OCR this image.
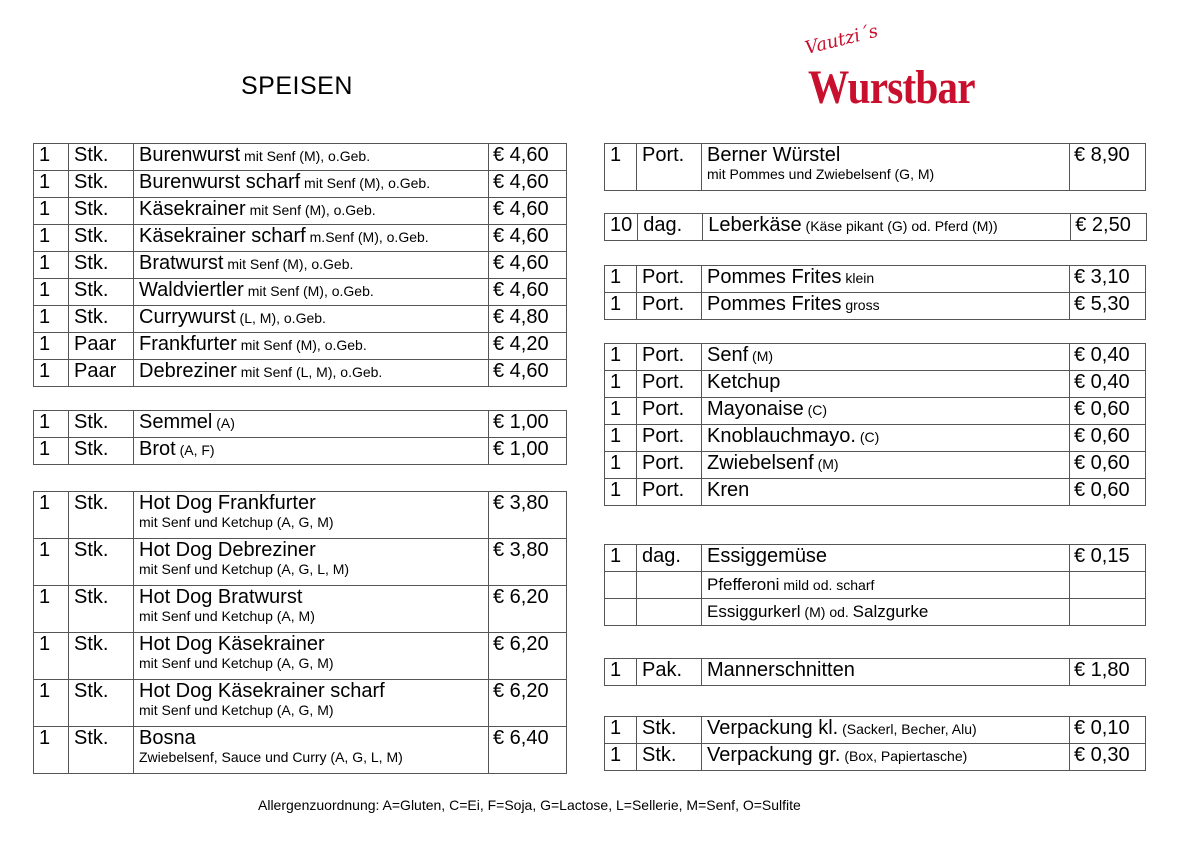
SPEISEN
Vautzi´s
Wurstbar
1	Stk.	Burenwurst mit Senf (M), o.Geb.	€ 4,60
1	Stk.	Burenwurst scharf mit Senf (M), o.Geb.	€ 4,60
1	Stk.	Käsekrainer mit Senf (M), o.Geb.	€ 4,60
1	Stk.	Käsekrainer scharf m.Senf (M), o.Geb.	€ 4,60
1	Stk.	Bratwurst mit Senf (M), o.Geb.	€ 4,60
1	Stk.	Waldviertler mit Senf (M), o.Geb.	€ 4,60
1	Stk.	Currywurst (L, M), o.Geb.	€ 4,80
1	Paar	Frankfurter mit Senf (M), o.Geb.	€ 4,20
1	Paar	Debreziner mit Senf (L, M), o.Geb.	€ 4,60
1	Stk.	Semmel (A)	€ 1,00
1	Stk.	Brot (A, F)	€ 1,00
1	Stk.	Hot Dog Frankfurter
mit Senf und Ketchup (A, G, M)	€ 3,80
1	Stk.	Hot Dog Debreziner
mit Senf und Ketchup (A, G, L, M)	€ 3,80
1	Stk.	Hot Dog Bratwurst
mit Senf und Ketchup (A, M)	€ 6,20
1	Stk.	Hot Dog Käsekrainer
mit Senf und Ketchup (A, G, M)	€ 6,20
1	Stk.	Hot Dog Käsekrainer scharf
mit Senf und Ketchup (A, G, M)	€ 6,20
1	Stk.	Bosna
Zwiebelsenf, Sauce und Curry (A, G, L, M)	€ 6,40
1	Port.	Berner Würstel
mit Pommes und Zwiebelsenf (G, M)
	€ 8,90
10	dag.	Leberkäse (Käse pikant (G) od. Pferd (M))	€ 2,50
1	Port.	Pommes Frites klein	€ 3,10
1	Port.	Pommes Frites gross	€ 5,30
1	Port.	Senf (M)	€ 0,40
1	Port.	Ketchup	€ 0,40
1	Port.	Mayonaise (C)	€ 0,60
1	Port.	Knoblauchmayo. (C)	€ 0,60
1	Port.	Zwiebelsenf (M)	€ 0,60
1	Port.	Kren	€ 0,60
1	dag.	Essiggemüse	€ 0,15
		Pfefferoni mild od. scharf	
		Essiggurkerl (M) od. Salzgurke	
1	Pak.	Mannerschnitten	€ 1,80
1	Stk.	Verpackung kl. (Sackerl, Becher, Alu)	€ 0,10
1	Stk.	Verpackung gr. (Box, Papiertasche)	€ 0,30
Allergenzuordnung: A=Gluten, C=Ei, F=Soja, G=Lactose, L=Sellerie, M=Senf, O=Sulfite
